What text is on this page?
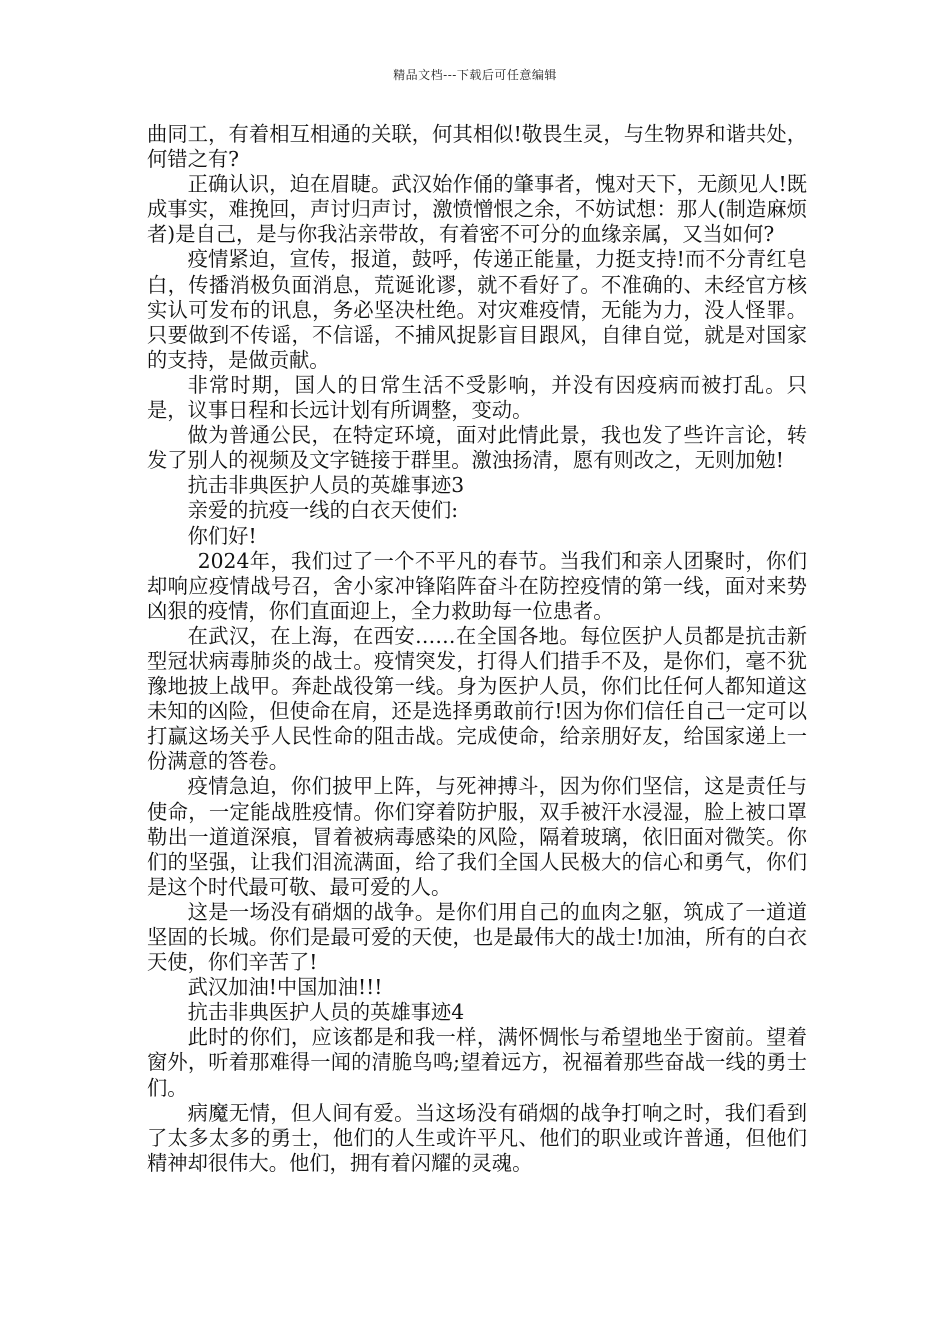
精品文档---下载后可任意编辑

曲同工，有着相互相通的关联，何其相似!敬畏生灵，与生物界和谐共处，何错之有?

正确认识，迫在眉睫。武汉始作俑的肇事者，愧对天下，无颜见人!既成事实，难挽回，声讨归声讨，激愤憎恨之余，不妨试想：那人(制造麻烦者)是自己，是与你我沾亲带故，有着密不可分的血缘亲属，又当如何?

疫情紧迫，宣传，报道，鼓呼，传递正能量，力挺支持!而不分青红皂白，传播消极负面消息，荒诞讹谬，就不看好了。不准确的、未经官方核实认可发布的讯息，务必坚决杜绝。对灾难疫情，无能为力，没人怪罪。只要做到不传谣，不信谣，不捕风捉影盲目跟风，自律自觉，就是对国家的支持，是做贡献。

非常时期，国人的日常生活不受影响，并没有因疫病而被打乱。只是，议事日程和长远计划有所调整，变动。

做为普通公民，在特定环境，面对此情此景，我也发了些许言论，转发了别人的视频及文字链接于群里。激浊扬清，愿有则改之，无则加勉!

抗击非典医护人员的英雄事迹3

亲爱的抗疫一线的白衣天使们:

你们好!

2024年，我们过了一个不平凡的春节。当我们和亲人团聚时，你们却响应疫情战号召，舍小家冲锋陷阵奋斗在防控疫情的第一线，面对来势凶狠的疫情，你们直面迎上，全力救助每一位患者。

在武汉，在上海，在西安……在全国各地。每位医护人员都是抗击新型冠状病毒肺炎的战士。疫情突发，打得人们措手不及，是你们，毫不犹豫地披上战甲。奔赴战役第一线。身为医护人员，你们比任何人都知道这未知的凶险，但使命在肩，还是选择勇敢前行!因为你们信任自己一定可以打赢这场关乎人民性命的阻击战。完成使命，给亲朋好友，给国家递上一份满意的答卷。

疫情急迫，你们披甲上阵，与死神搏斗，因为你们坚信，这是责任与使命，一定能战胜疫情。你们穿着防护服，双手被汗水浸湿，脸上被口罩勒出一道道深痕，冒着被病毒感染的风险，隔着玻璃，依旧面对微笑。你们的坚强，让我们泪流满面，给了我们全国人民极大的信心和勇气，你们是这个时代最可敬、最可爱的人。

这是一场没有硝烟的战争。是你们用自己的血肉之躯，筑成了一道道坚固的长城。你们是最可爱的天使，也是最伟大的战士!加油，所有的白衣天使，你们辛苦了!

武汉加油!中国加油!!!

抗击非典医护人员的英雄事迹4

此时的你们，应该都是和我一样，满怀惆怅与希望地坐于窗前。望着窗外，听着那难得一闻的清脆鸟鸣;望着远方，祝福着那些奋战一线的勇士们。

病魔无情，但人间有爱。当这场没有硝烟的战争打响之时，我们看到了太多太多的勇士，他们的人生或许平凡、他们的职业或许普通，但他们精神却很伟大。他们，拥有着闪耀的灵魂。
